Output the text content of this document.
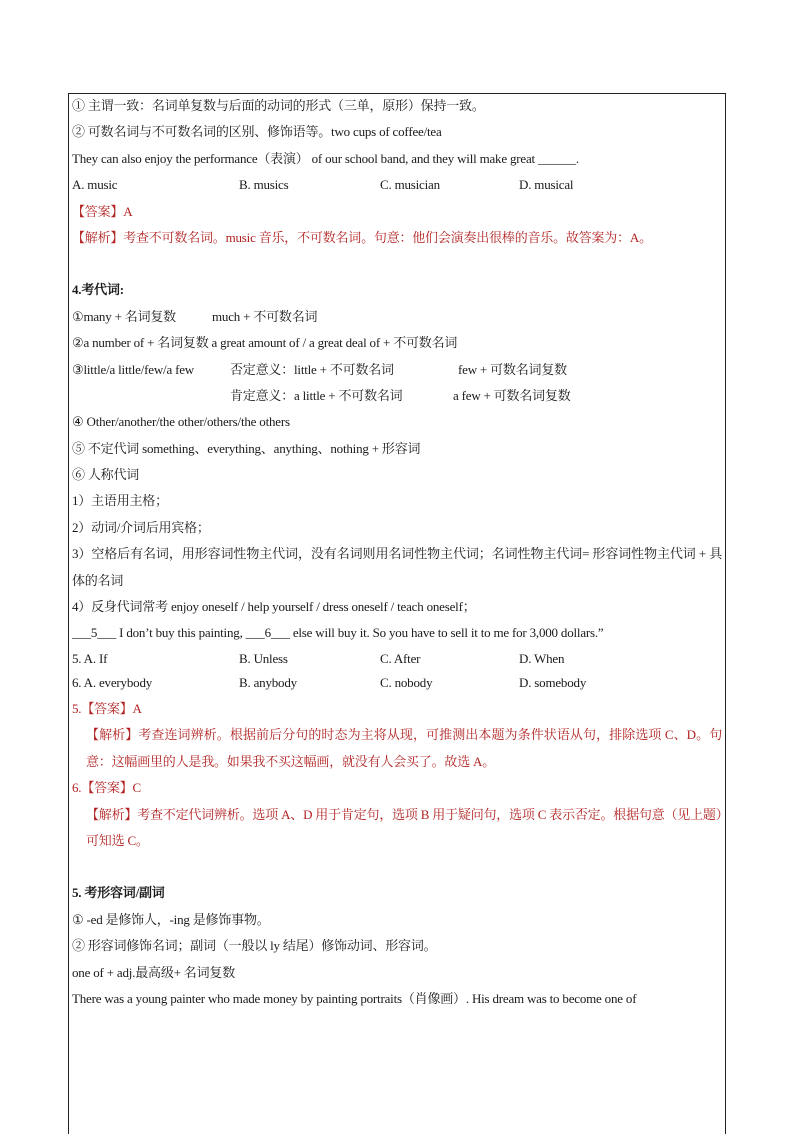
① 主谓一致：名词单复数与后面的动词的形式（三单，原形）保持一致。
② 可数名词与不可数名词的区别、修饰语等。two cups of coffee/tea
They can also enjoy the performance（表演） of our school band, and they will make great ______.
A. music	B. musics	C. musician	D. musical
【答案】A
【解析】考查不可数名词。music 音乐，不可数名词。句意：他们会演奏出很棒的音乐。故答案为：A。
4.考代词:
①many + 名词复数	much + 不可数名词
②a number of + 名词复数 a great amount of / a great deal of + 不可数名词
③little/a little/few/a few	否定意义：little + 不可数名词	few + 可数名词复数
肯定意义：a little + 不可数名词	a few + 可数名词复数
④ Other/another/the other/others/the others
⑤ 不定代词 something、everything、anything、nothing + 形容词
⑥ 人称代词
1）主语用主格；
2）动词/介词后用宾格；
3）空格后有名词，用形容词性物主代词，没有名词则用名词性物主代词；名词性物主代词= 形容词性物主代词 + 具体的名词
4）反身代词常考 enjoy oneself / help yourself / dress oneself / teach oneself；
___5___ I don’t buy this painting, ___6___ else will buy it. So you have to sell it to me for 3,000 dollars.”
5. A. If	B. Unless	C. After	D. When
6. A. everybody	B. anybody	C. nobody	D. somebody
5.【答案】A
【解析】考查连词辨析。根据前后分句的时态为主将从现，可推测出本题为条件状语从句，排除选项 C、D。句意：这幅画里的人是我。如果我不买这幅画，就没有人会买了。故选 A。
6.【答案】C
【解析】考查不定代词辨析。选项 A、D 用于肯定句，选项 B 用于疑问句，选项 C 表示否定。根据句意（见上题）可知选 C。
5. 考形容词/副词
① -ed 是修饰人，-ing 是修饰事物。
② 形容词修饰名词；副词（一般以 ly 结尾）修饰动词、形容词。
one of + adj.最高级+ 名词复数
There was a young painter who made money by painting portraits（肖像画）. His dream was to become one of
